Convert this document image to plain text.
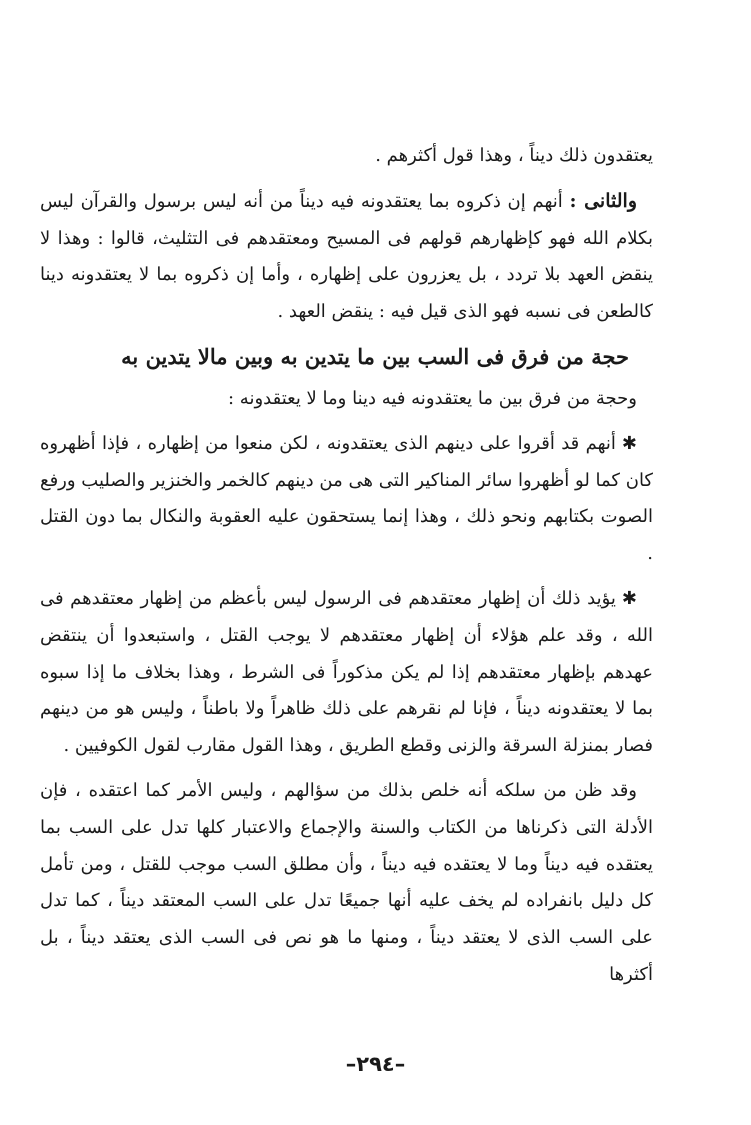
يعتقدون ذلك ديناً ، وهذا قول أكثرهم .

والثانى : أنهم إن ذكروه بما يعتقدونه فيه ديناً من أنه ليس برسول والقرآن ليس بكلام الله فهو كإظهارهم قولهم فى المسيح ومعتقدهم فى التثليث، قالوا : وهذا لا ينقض العهد بلا تردد ، بل يعزرون على إظهاره ، وأما إن ذكروه بما لا يعتقدونه دينا كالطعن فى نسبه فهو الذى قيل فيه : ينقض العهد .

حجة من فرق فى السب بين ما يتدين به وبين مالا يتدين به

وحجة من فرق بين ما يعتقدونه فيه دينا وما لا يعتقدونه :

✱أنهم قد أقروا على دينهم الذى يعتقدونه ، لكن منعوا من إظهاره ، فإذا أظهروه كان كما لو أظهروا سائر المناكير التى هى من دينهم كالخمر والخنزير والصليب ورفع الصوت بكتابهم ونحو ذلك ، وهذا إنما يستحقون عليه العقوبة والنكال بما دون القتل .

✱يؤيد ذلك أن إظهار معتقدهم فى الرسول ليس بأعظم من إظهار معتقدهم فى الله ، وقد علم هؤلاء أن إظهار معتقدهم لا يوجب القتل ، واستبعدوا أن ينتقض عهدهم بإظهار معتقدهم إذا لم يكن مذكوراً فى الشرط ، وهذا بخلاف ما إذا سبوه بما لا يعتقدونه ديناً ، فإنا لم نقرهم على ذلك ظاهراً ولا باطناً ، وليس هو من دينهم فصار بمنزلة السرقة والزنى وقطع الطريق ، وهذا القول مقارب لقول الكوفيين .

وقد ظن من سلكه أنه خلص بذلك من سؤالهم ، وليس الأمر كما اعتقده ، فإن الأدلة التى ذكرناها من الكتاب والسنة والإجماع والاعتبار كلها تدل على السب بما يعتقده فيه ديناً وما لا يعتقده فيه ديناً ، وأن مطلق السب موجب للقتل ، ومن تأمل كل دليل بانفراده لم يخف عليه أنها جميعًا تدل على السب المعتقد ديناً ، كما تدل على السب الذى لا يعتقد ديناً ، ومنها ما هو نص فى السب الذى يعتقد ديناً ، بل أكثرها

–٢٩٤–
